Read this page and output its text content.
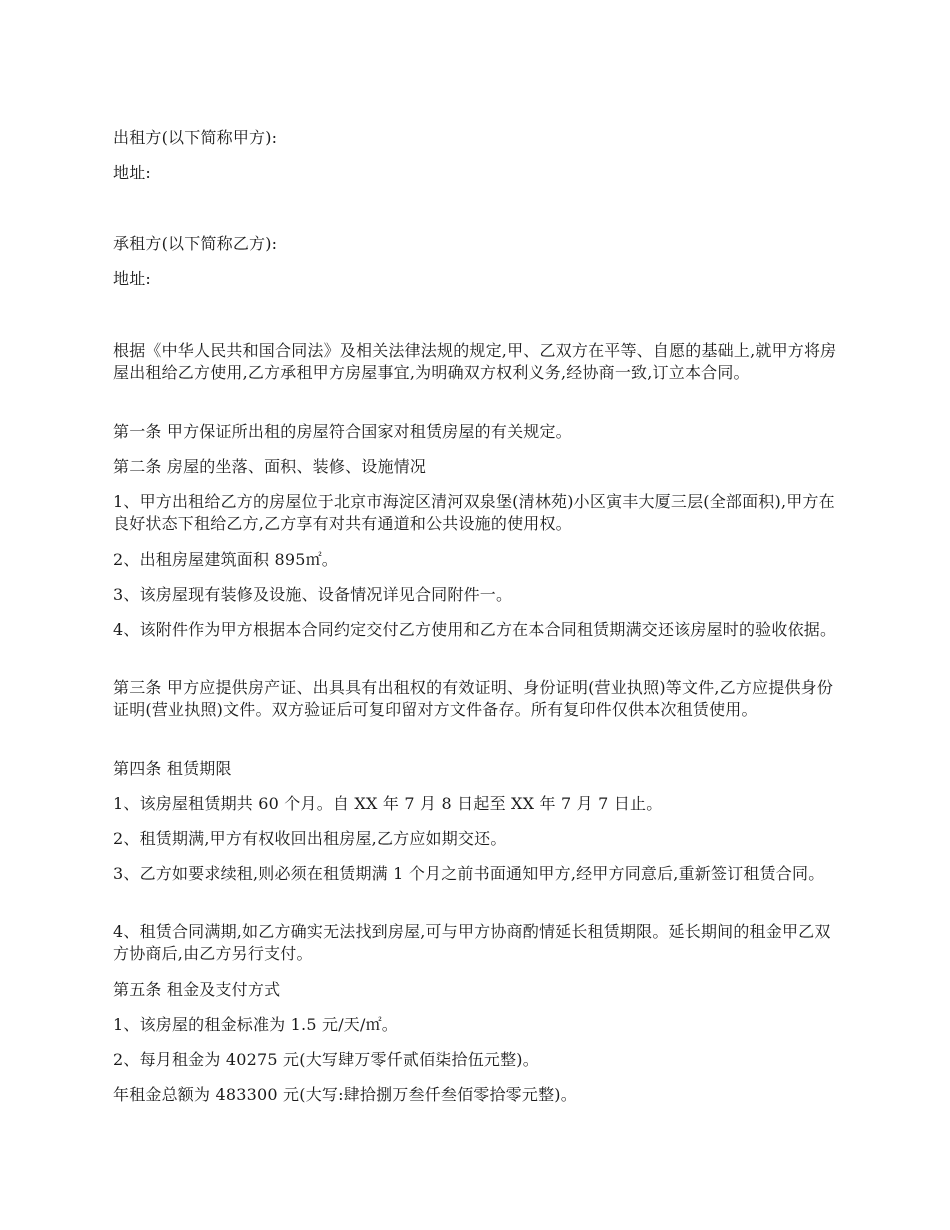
出租方(以下简称甲方):

地址:

承租方(以下简称乙方):

地址:

根据《中华人民共和国合同法》及相关法律法规的规定,甲、乙双方在平等、自愿的基础上,就甲方将房屋出租给乙方使用,乙方承租甲方房屋事宜,为明确双方权利义务,经协商一致,订立本合同。

第一条 甲方保证所出租的房屋符合国家对租赁房屋的有关规定。

第二条 房屋的坐落、面积、装修、设施情况

1、甲方出租给乙方的房屋位于北京市海淀区清河双泉堡(清林苑)小区寅丰大厦三层(全部面积),甲方在良好状态下租给乙方,乙方享有对共有通道和公共设施的使用权。

2、出租房屋建筑面积 895㎡。

3、该房屋现有装修及设施、设备情况详见合同附件一。

4、该附件作为甲方根据本合同约定交付乙方使用和乙方在本合同租赁期满交还该房屋时的验收依据。

第三条 甲方应提供房产证、出具具有出租权的有效证明、身份证明(营业执照)等文件,乙方应提供身份证明(营业执照)文件。双方验证后可复印留对方文件备存。所有复印件仅供本次租赁使用。

第四条 租赁期限

1、该房屋租赁期共 60 个月。自 XX 年 7 月 8 日起至 XX 年 7 月 7 日止。

2、租赁期满,甲方有权收回出租房屋,乙方应如期交还。

3、乙方如要求续租,则必须在租赁期满 1 个月之前书面通知甲方,经甲方同意后,重新签订租赁合同。

4、租赁合同满期,如乙方确实无法找到房屋,可与甲方协商酌情延长租赁期限。延长期间的租金甲乙双方协商后,由乙方另行支付。

第五条 租金及支付方式

1、该房屋的租金标准为 1.5 元/天/㎡。

2、每月租金为 40275 元(大写肆万零仟贰佰柒拾伍元整)。

年租金总额为 483300 元(大写:肆拾捌万叁仟叁佰零拾零元整)。
